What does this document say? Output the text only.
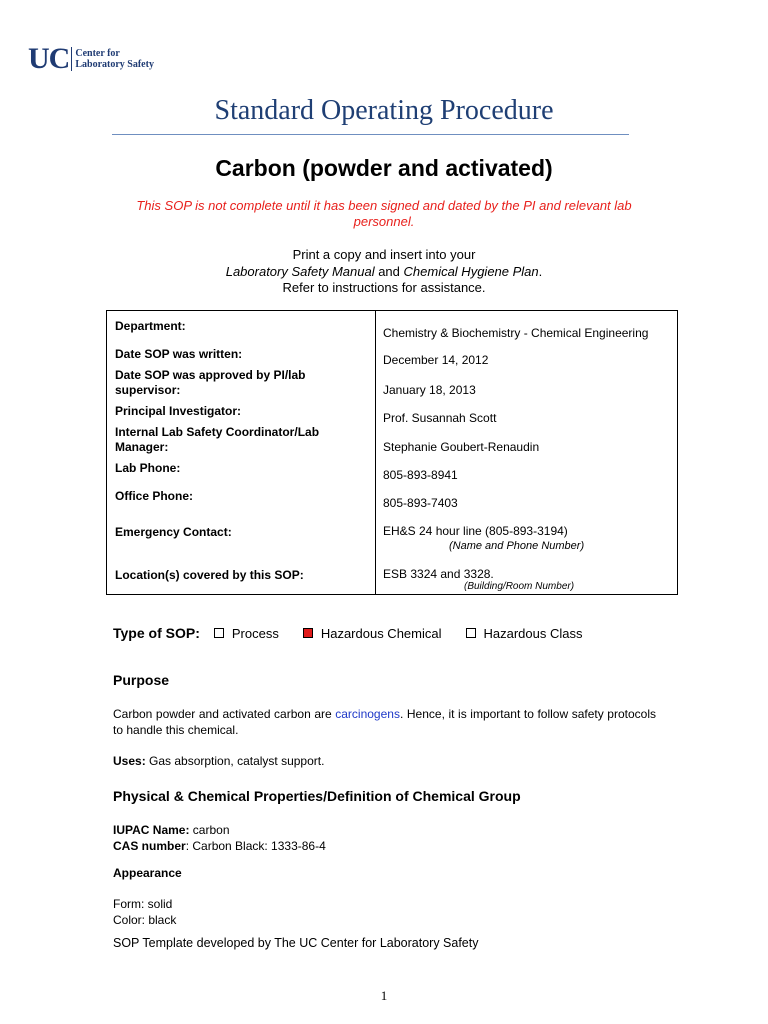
UC Center for
Laboratory Safety
Standard Operating Procedure
Carbon (powder and activated)
This SOP is not complete until it has been signed and dated by the PI and relevant lab personnel.
Print a copy and insert into your
Laboratory Safety Manual and Chemical Hygiene Plan.
Refer to instructions for assistance.
Department:	Chemistry & Biochemistry - Chemical Engineering
Date SOP was written:	December 14, 2012
Date SOP was approved by PI/lab supervisor:	January 18, 2013
Principal Investigator:	Prof. Susannah Scott
Internal Lab Safety Coordinator/Lab Manager:	Stephanie Goubert-Renaudin
Lab Phone:	805-893-8941
Office Phone:	805-893-7403
Emergency Contact:	EH&S 24 hour line (805-893-3194)
(Name and Phone Number)
Location(s) covered by this SOP:	ESB 3324 and 3328.
(Building/Room Number)
Type of SOP: Process	Hazardous Chemical	Hazardous Class
Purpose
Carbon powder and activated carbon are carcinogens. Hence, it is important to follow safety protocols to handle this chemical.
Uses: Gas absorption, catalyst support.
Physical & Chemical Properties/Definition of Chemical Group
IUPAC Name: carbon
CAS number: Carbon Black: 1333-86-4
Appearance
Form: solid
Color: black
SOP Template developed by The UC Center for Laboratory Safety
1
